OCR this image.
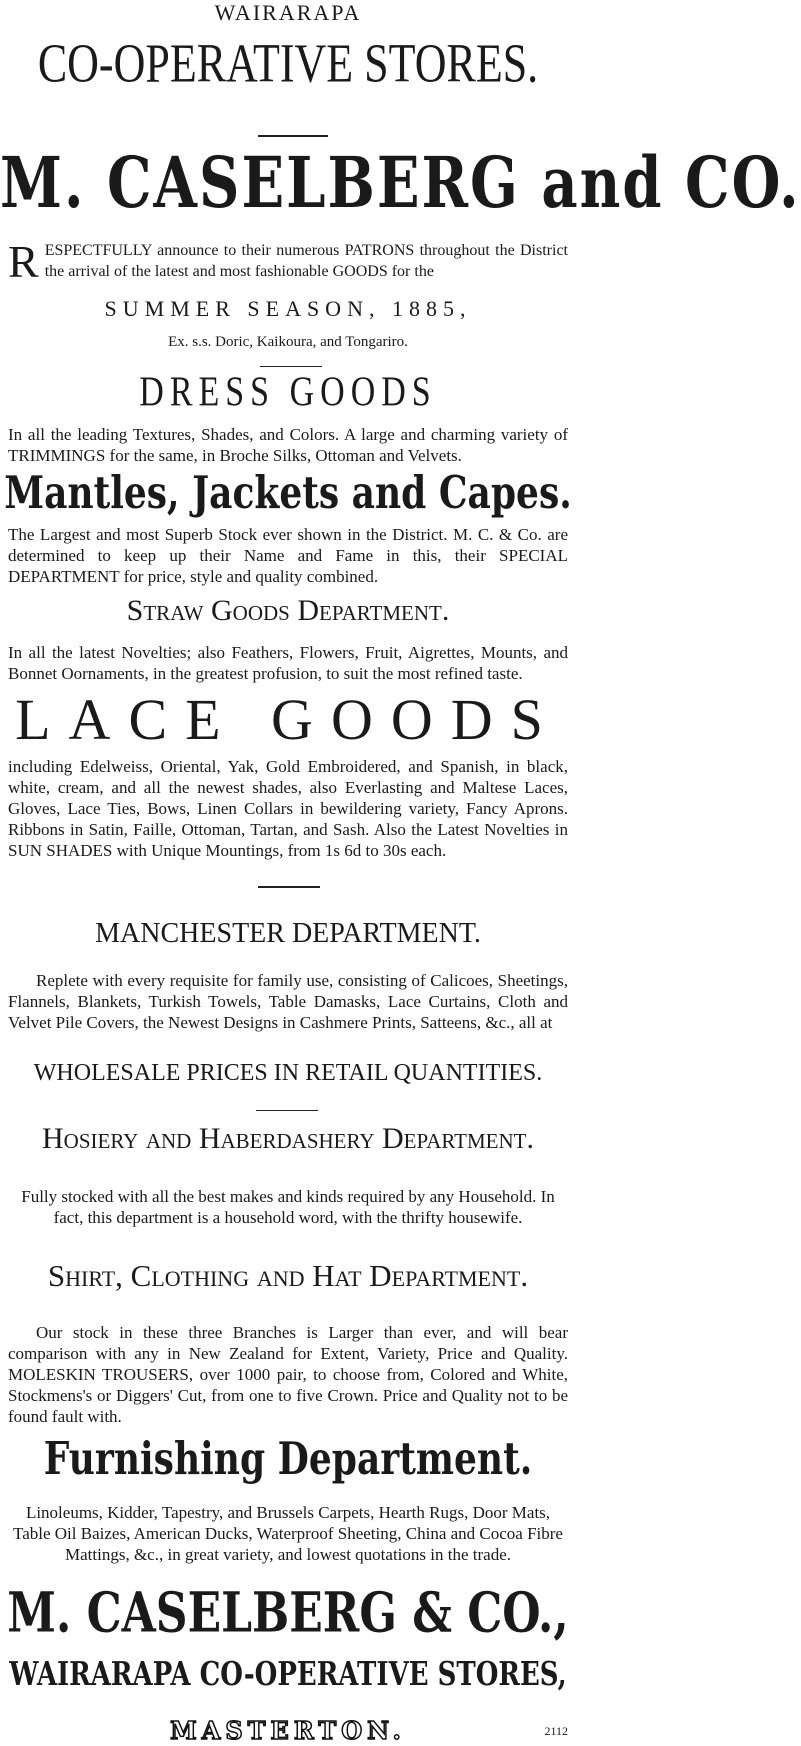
WAIRARAPA
CO-OPERATIVE STORES.
M. CASELBERG and CO.
R ESPECTFULLY announce to their numerous PATRONS throughout the District the arrival of the latest and most fashionable GOODS for the
SUMMER SEASON, 1885,
Ex. s.s. Doric, Kaikoura, and Tongariro.
DRESS GOODS
In all the leading Textures, Shades, and Colors. A large and charming variety of TRIMMINGS for the same, in Broche Silks, Ottoman and Velvets.
Mantles, Jackets and Capes.
The Largest and most Superb Stock ever shown in the District. M. C. & Co. are determined to keep up their Name and Fame in this, their SPECIAL DEPARTMENT for price, style and quality combined.
Straw Goods Department.
In all the latest Novelties; also Feathers, Flowers, Fruit, Aigrettes, Mounts, and Bonnet Oornaments, in the greatest profusion, to suit the most refined taste.
LACE GOODS
including Edelweiss, Oriental, Yak, Gold Embroidered, and Spanish, in black, white, cream, and all the newest shades, also Everlasting and Maltese Laces, Gloves, Lace Ties, Bows, Linen Collars in bewildering variety, Fancy Aprons. Ribbons in Satin, Faille, Ottoman, Tartan, and Sash. Also the Latest Novelties in SUN SHADES with Unique Mountings, from 1s 6d to 30s each.
MANCHESTER DEPARTMENT.
Replete with every requisite for family use, consisting of Calicoes, Sheetings, Flannels, Blankets, Turkish Towels, Table Damasks, Lace Curtains, Cloth and Velvet Pile Covers, the Newest Designs in Cashmere Prints, Satteens, &c., all at
WHOLESALE PRICES IN RETAIL QUANTITIES.
Hosiery and Haberdashery Department.
Fully stocked with all the best makes and kinds required by any Household. In fact, this department is a household word, with the thrifty housewife.
Shirt, Clothing and Hat Department.
Our stock in these three Branches is Larger than ever, and will bear comparison with any in New Zealand for Extent, Variety, Price and Quality. MOLESKIN TROUSERS, over 1000 pair, to choose from, Colored and White, Stockmens's or Diggers' Cut, from one to five Crown. Price and Quality not to be found fault with.
Furnishing Department.
Linoleums, Kidder, Tapestry, and Brussels Carpets, Hearth Rugs, Door Mats, Table Oil Baizes, American Ducks, Waterproof Sheeting, China and Cocoa Fibre Mattings, &c., in great variety, and lowest quotations in the trade.
M. CASELBERG & CO.,
WAIRARAPA CO-OPERATIVE STORES,
MASTERTON.	2112
